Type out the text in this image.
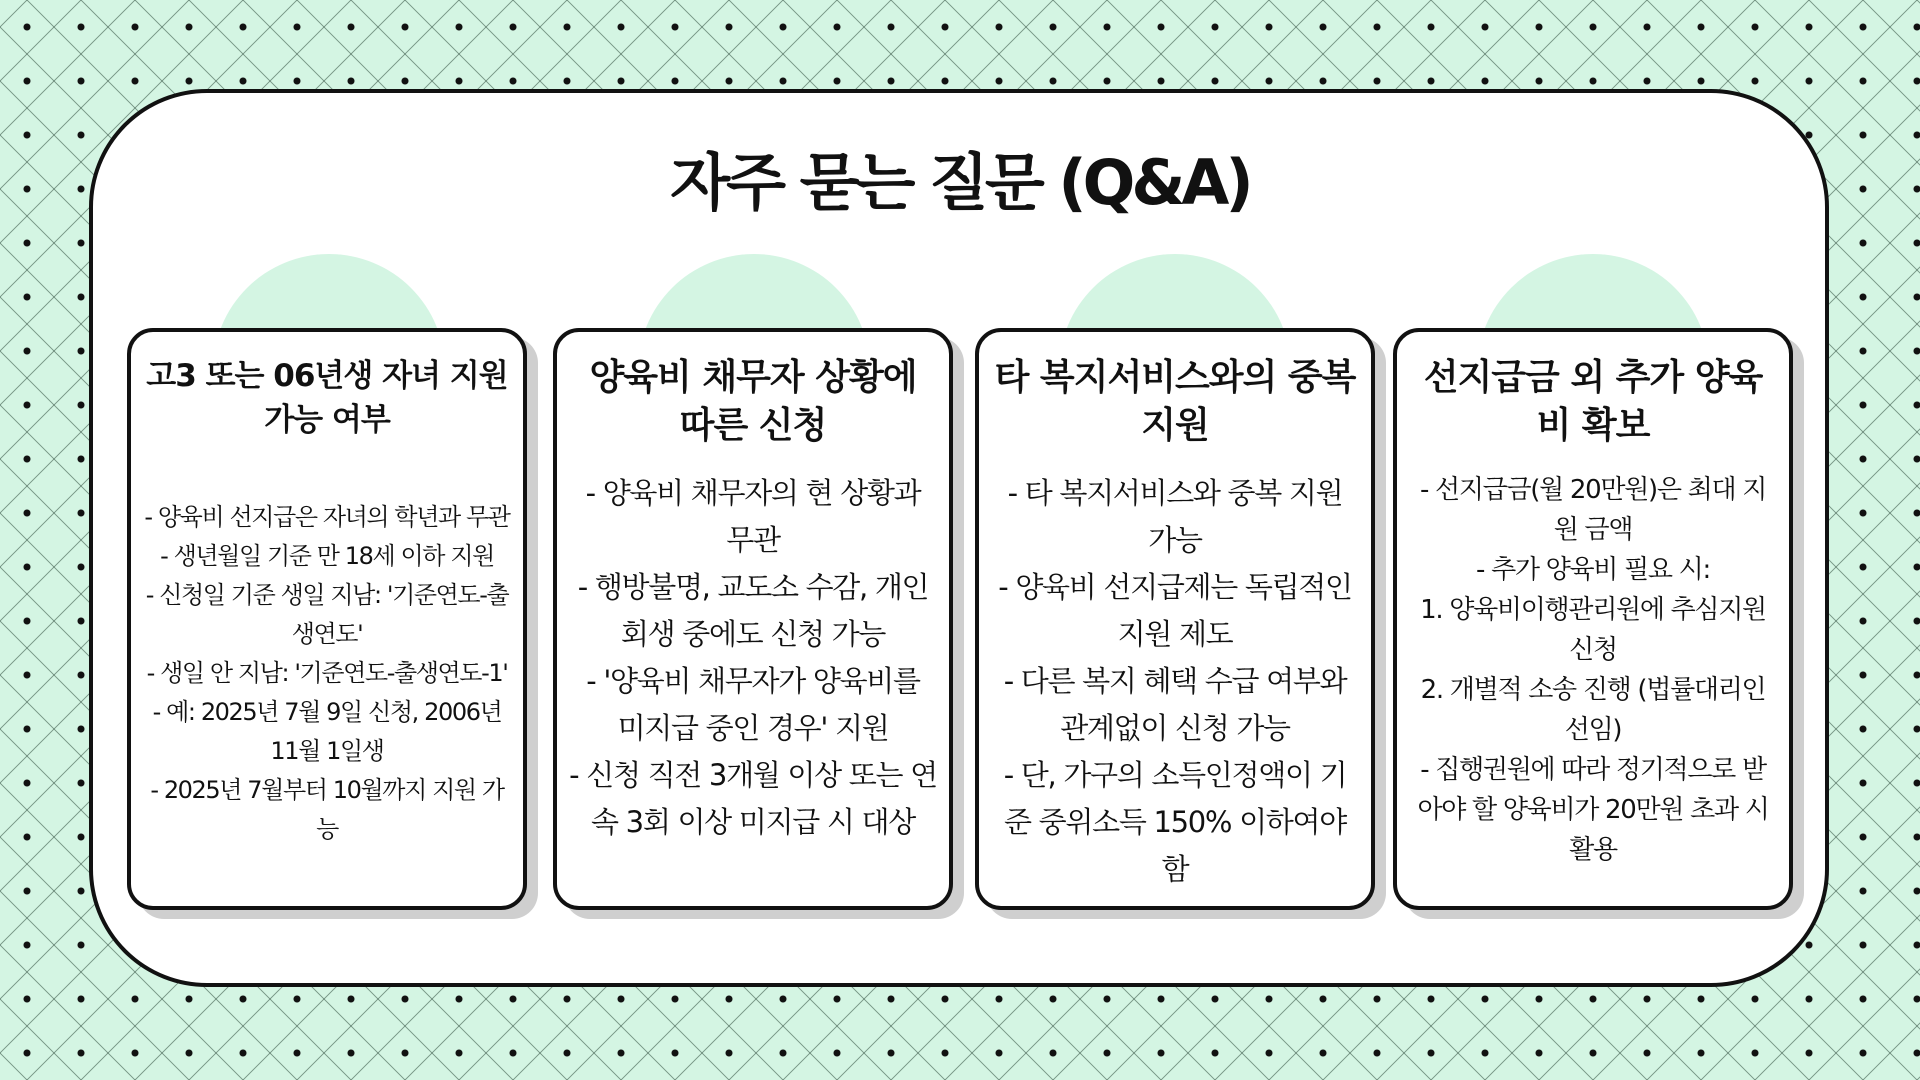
자주 묻는 질문 (Q&A)
고3 또는 06년생 자녀 지원 가능 여부
- 양육비 선지급은 자녀의 학년과 무관
- 생년월일 기준 만 18세 이하 지원
- 신청일 기준 생일 지남: '기준연도-출생연도'
- 생일 안 지남: '기준연도-출생연도-1'
- 예: 2025년 7월 9일 신청, 2006년 11월 1일생
- 2025년 7월부터 10월까지 지원 가능
양육비 채무자 상황에 따른 신청
- 양육비 채무자의 현 상황과 무관
- 행방불명, 교도소 수감, 개인회생 중에도 신청 가능
- '양육비 채무자가 양육비를 미지급 중인 경우' 지원
- 신청 직전 3개월 이상 또는 연속 3회 이상 미지급 시 대상
타 복지서비스와의 중복 지원
- 타 복지서비스와 중복 지원 가능
- 양육비 선지급제는 독립적인 지원 제도
- 다른 복지 혜택 수급 여부와 관계없이 신청 가능
- 단, 가구의 소득인정액이 기준 중위소득 150% 이하여야 함
선지급금 외 추가 양육비 확보
- 선지급금(월 20만원)은 최대 지원 금액
- 추가 양육비 필요 시:
1. 양육비이행관리원에 추심지원 신청
2. 개별적 소송 진행 (법률대리인 선임)
- 집행권원에 따라 정기적으로 받아야 할 양육비가 20만원 초과 시 활용
